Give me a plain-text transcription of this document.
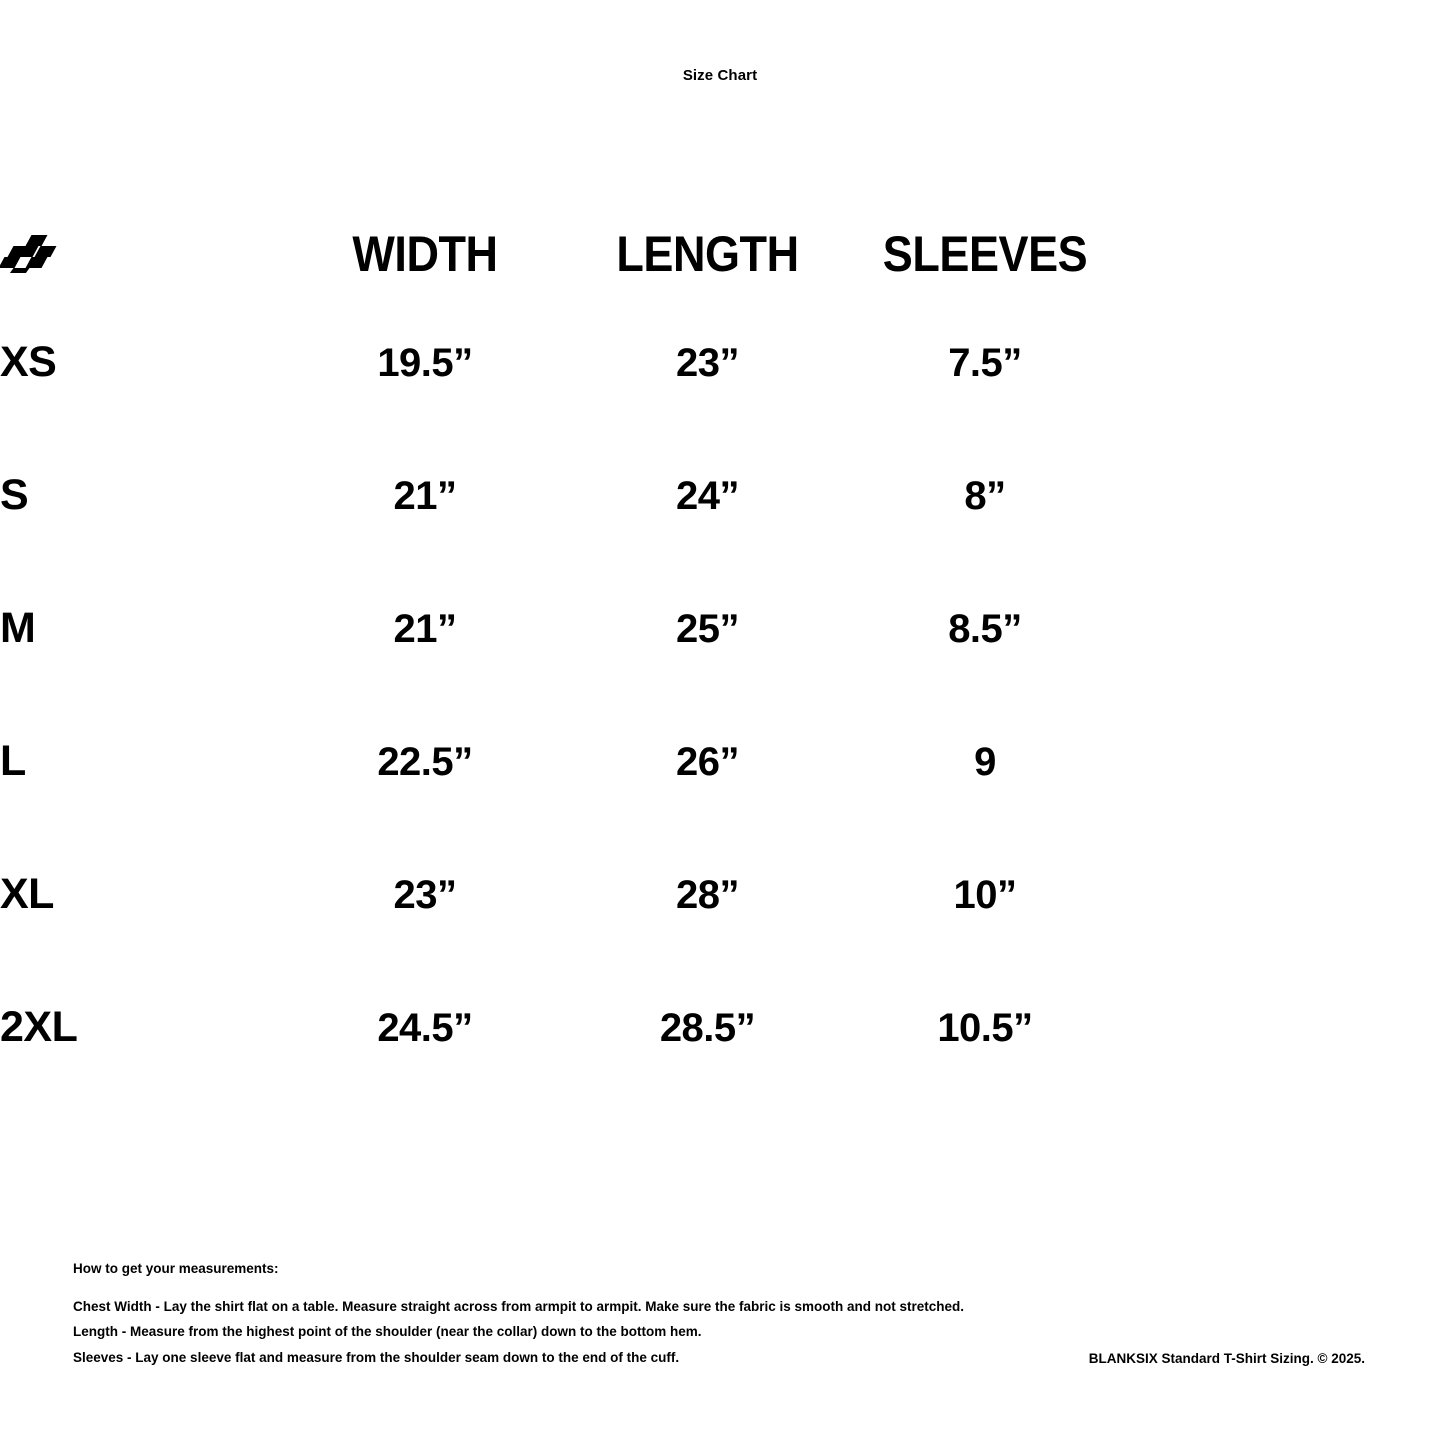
Size Chart
	WIDTH	LENGTH	SLEEVES	
XS	19.5”	23”	7.5”	
S	21”	24”	8”	
M	21”	25”	8.5”	
L	22.5”	26”	9	
XL	23”	28”	10”	
2XL	24.5”	28.5”	10.5”	
How to get your measurements:
Chest Width - Lay the shirt flat on a table. Measure straight across from armpit to armpit. Make sure the fabric is smooth and not stretched.
Length - Measure from the highest point of the shoulder (near the collar) down to the bottom hem.
Sleeves - Lay one sleeve flat and measure from the shoulder seam down to the end of the cuff.	BLANKSIX Standard T-Shirt Sizing. © 2025.
